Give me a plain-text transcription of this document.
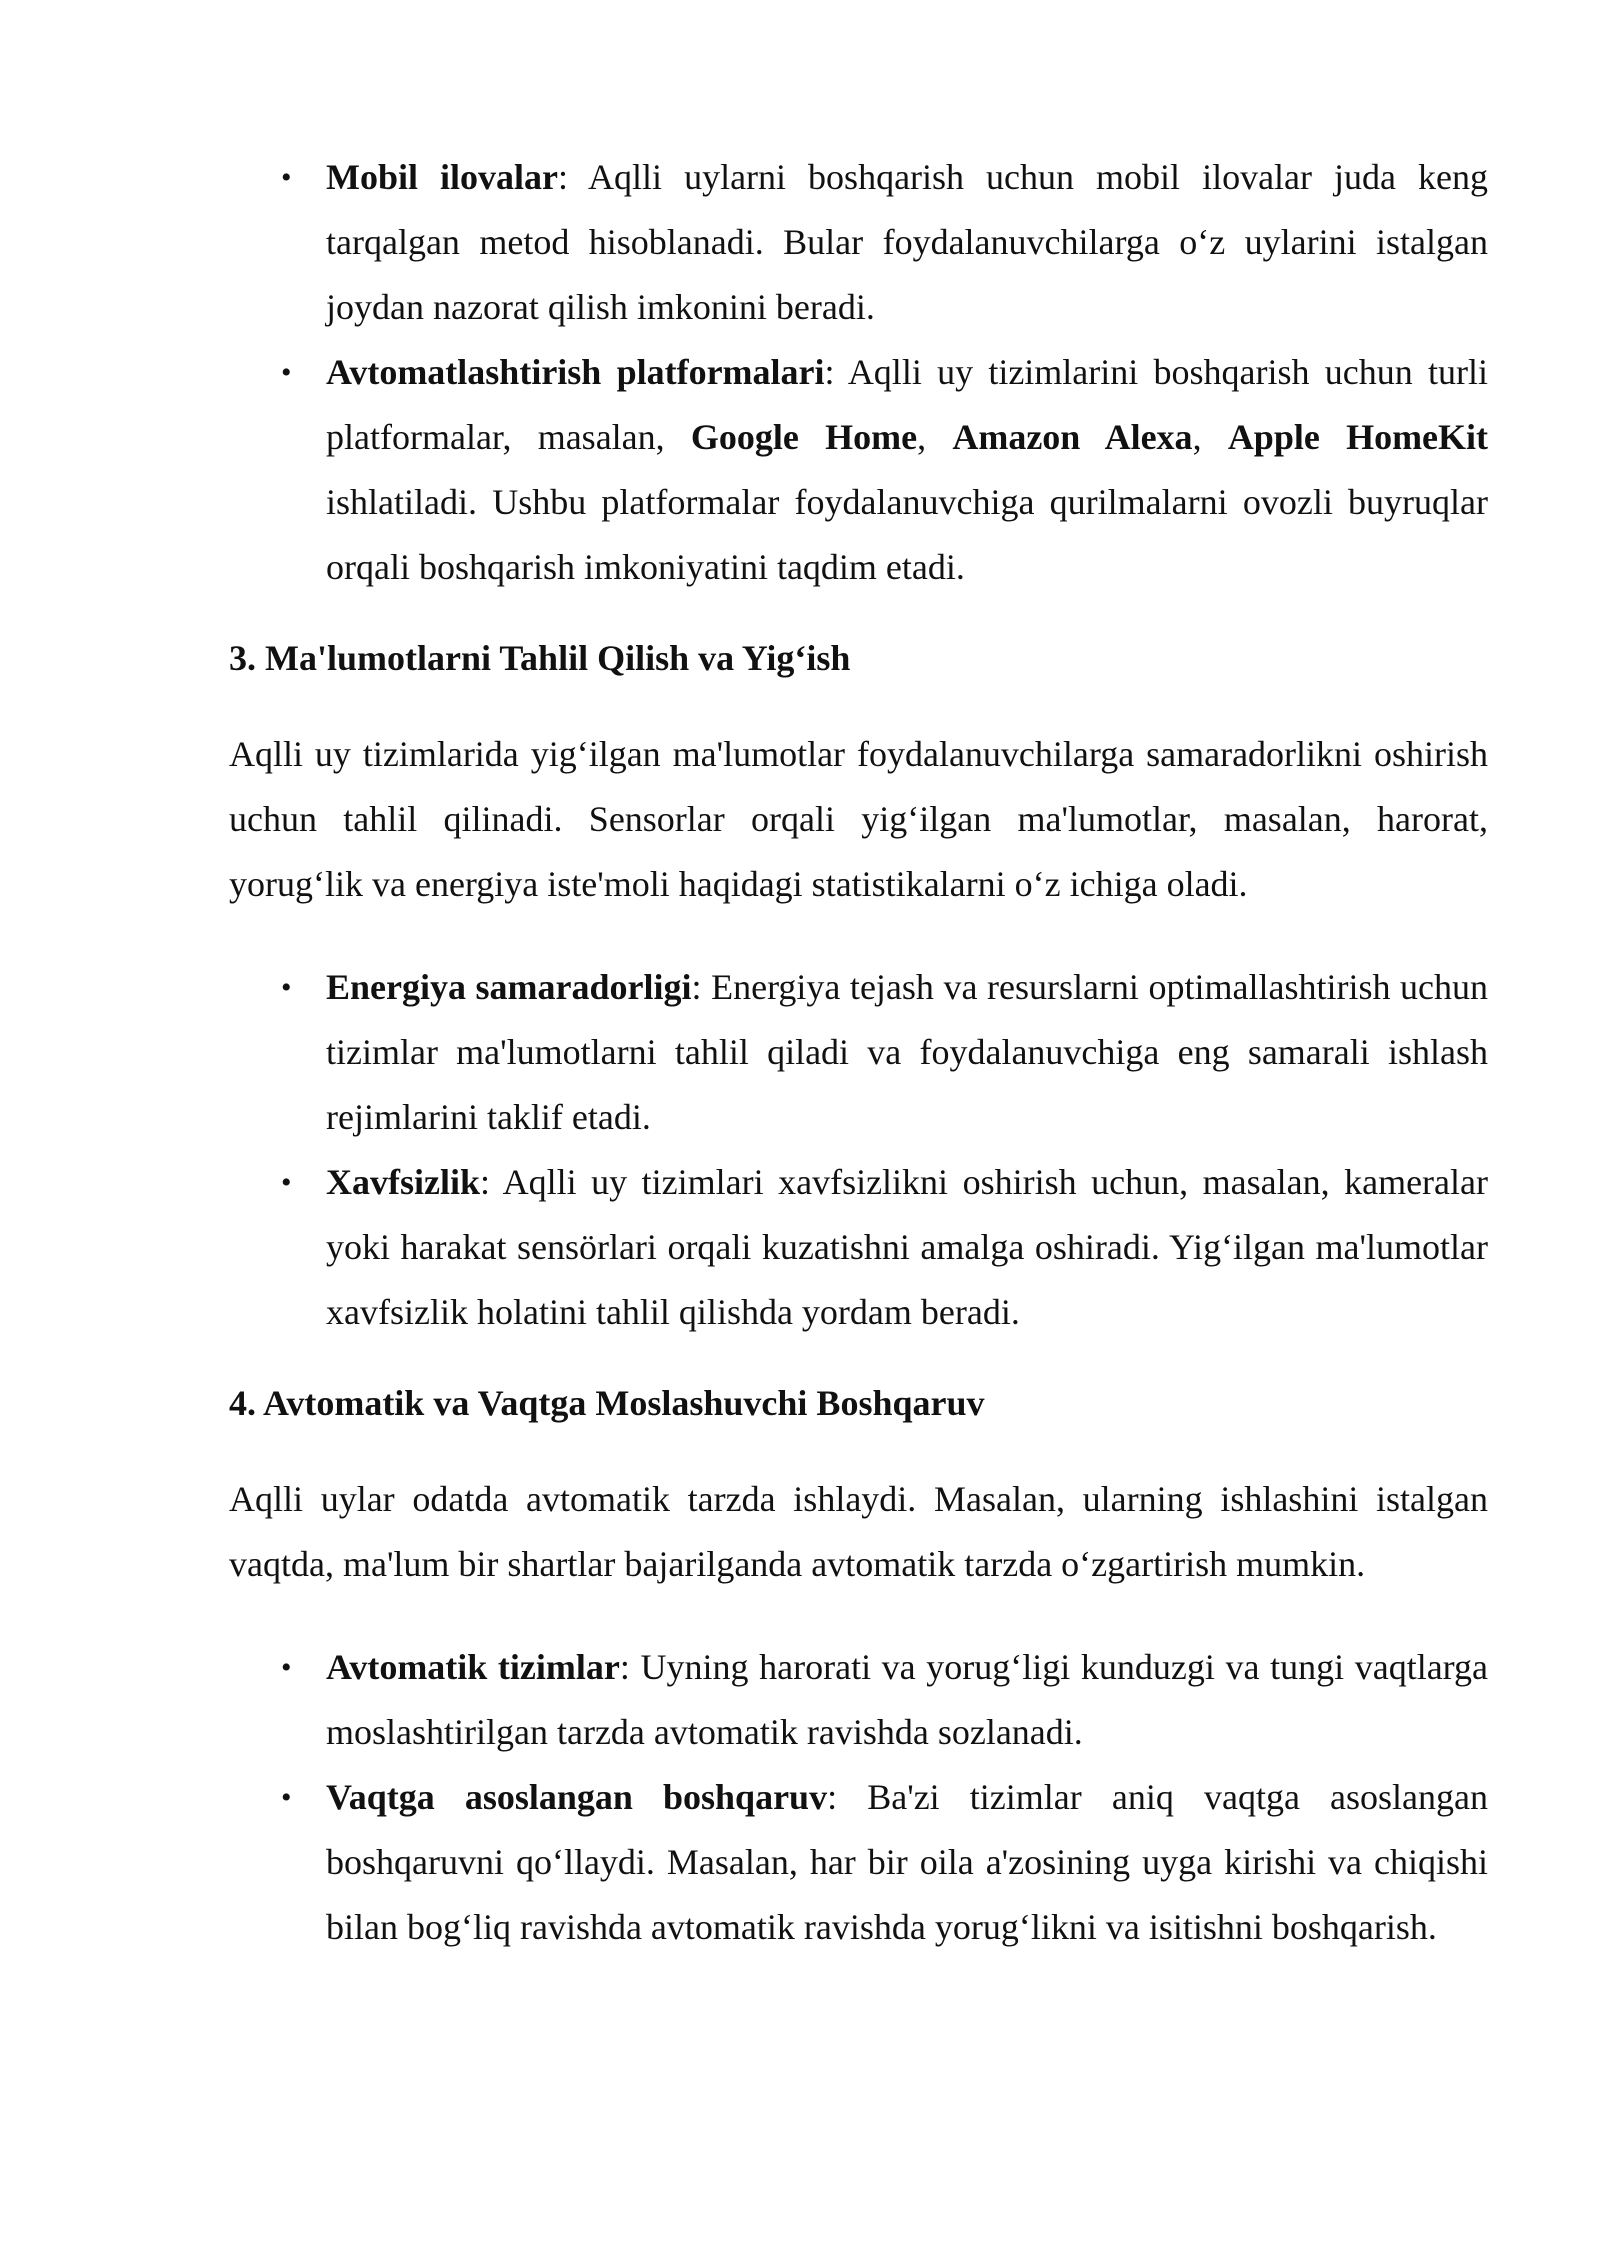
• Mobil ilovalar: Aqlli uylarni boshqarish uchun mobil ilovalar juda keng tarqalgan metod hisoblanadi. Bular foydalanuvchilarga o‘z uylarini istalgan joydan nazorat qilish imkonini beradi.
• Avtomatlashtirish platformalari: Aqlli uy tizimlarini boshqarish uchun turli platformalar, masalan, Google Home, Amazon Alexa, Apple HomeKit ishlatiladi. Ushbu platformalar foydalanuvchiga qurilmalarni ovozli buyruqlar orqali boshqarish imkoniyatini taqdim etadi.
3. Ma'lumotlarni Tahlil Qilish va Yig‘ish

Aqlli uy tizimlarida yig‘ilgan ma'lumotlar foydalanuvchilarga samaradorlikni oshirish uchun tahlil qilinadi. Sensorlar orqali yig‘ilgan ma'lumotlar, masalan, harorat, yorug‘lik va energiya iste'moli haqidagi statistikalarni o‘z ichiga oladi.

• Energiya samaradorligi: Energiya tejash va resurslarni optimallashtirish uchun tizimlar ma'lumotlarni tahlil qiladi va foydalanuvchiga eng samarali ishlash rejimlarini taklif etadi.
• Xavfsizlik: Aqlli uy tizimlari xavfsizlikni oshirish uchun, masalan, kameralar yoki harakat sensörlari orqali kuzatishni amalga oshiradi. Yig‘ilgan ma'lumotlar xavfsizlik holatini tahlil qilishda yordam beradi.
4. Avtomatik va Vaqtga Moslashuvchi Boshqaruv

Aqlli uylar odatda avtomatik tarzda ishlaydi. Masalan, ularning ishlashini istalgan vaqtda, ma'lum bir shartlar bajarilganda avtomatik tarzda o‘zgartirish mumkin.

• Avtomatik tizimlar: Uyning harorati va yorug‘ligi kunduzgi va tungi vaqtlarga moslashtirilgan tarzda avtomatik ravishda sozlanadi.
• Vaqtga asoslangan boshqaruv: Ba'zi tizimlar aniq vaqtga asoslangan boshqaruvni qo‘llaydi. Masalan, har bir oila a'zosining uyga kirishi va chiqishi bilan bog‘liq ravishda avtomatik ravishda yorug‘likni va isitishni boshqarish.
